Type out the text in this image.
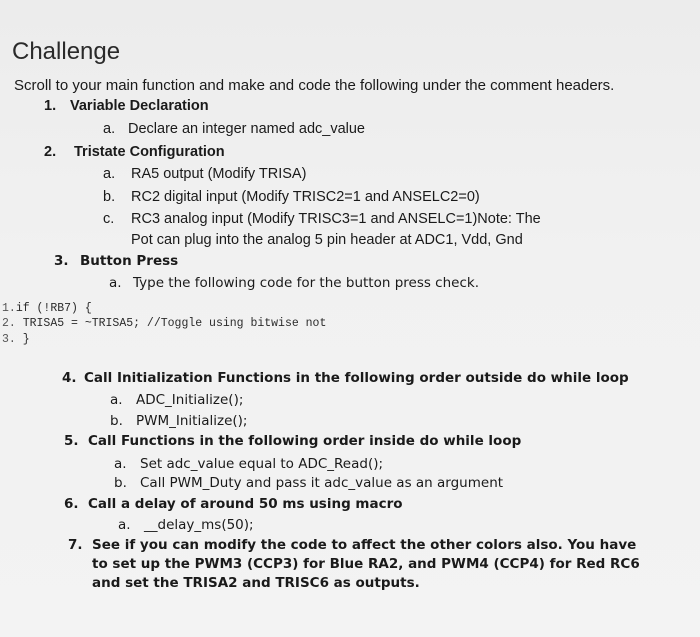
Challenge
Scroll to your main function and make and code the following under the comment headers.
1. Variable Declaration
a. Declare an integer named adc_value
2. Tristate Configuration
a. RA5 output (Modify TRISA)
b. RC2 digital input (Modify TRISC2=1 and ANSELC2=0)
c. RC3 analog input (Modify TRISC3=1 and ANSELC=1)Note: The
Pot can plug into the analog 5 pin header at ADC1, Vdd, Gnd
3. Button Press
a. Type the following code for the button press check.
1.if (!RB7) {
2. TRISA5 = ~TRISA5; //Toggle using bitwise not
3. }
4. Call Initialization Functions in the following order outside do while loop
a. ADC_Initialize();
b. PWM_Initialize();
5. Call Functions in the following order inside do while loop
a. Set adc_value equal to ADC_Read();
b. Call PWM_Duty and pass it adc_value as an argument
6. Call a delay of around 50 ms using macro
a. __delay_ms(50);
7. See if you can modify the code to affect the other colors also. You have
to set up the PWM3 (CCP3) for Blue RA2, and PWM4 (CCP4) for Red RC6
and set the TRISA2 and TRISC6 as outputs.
